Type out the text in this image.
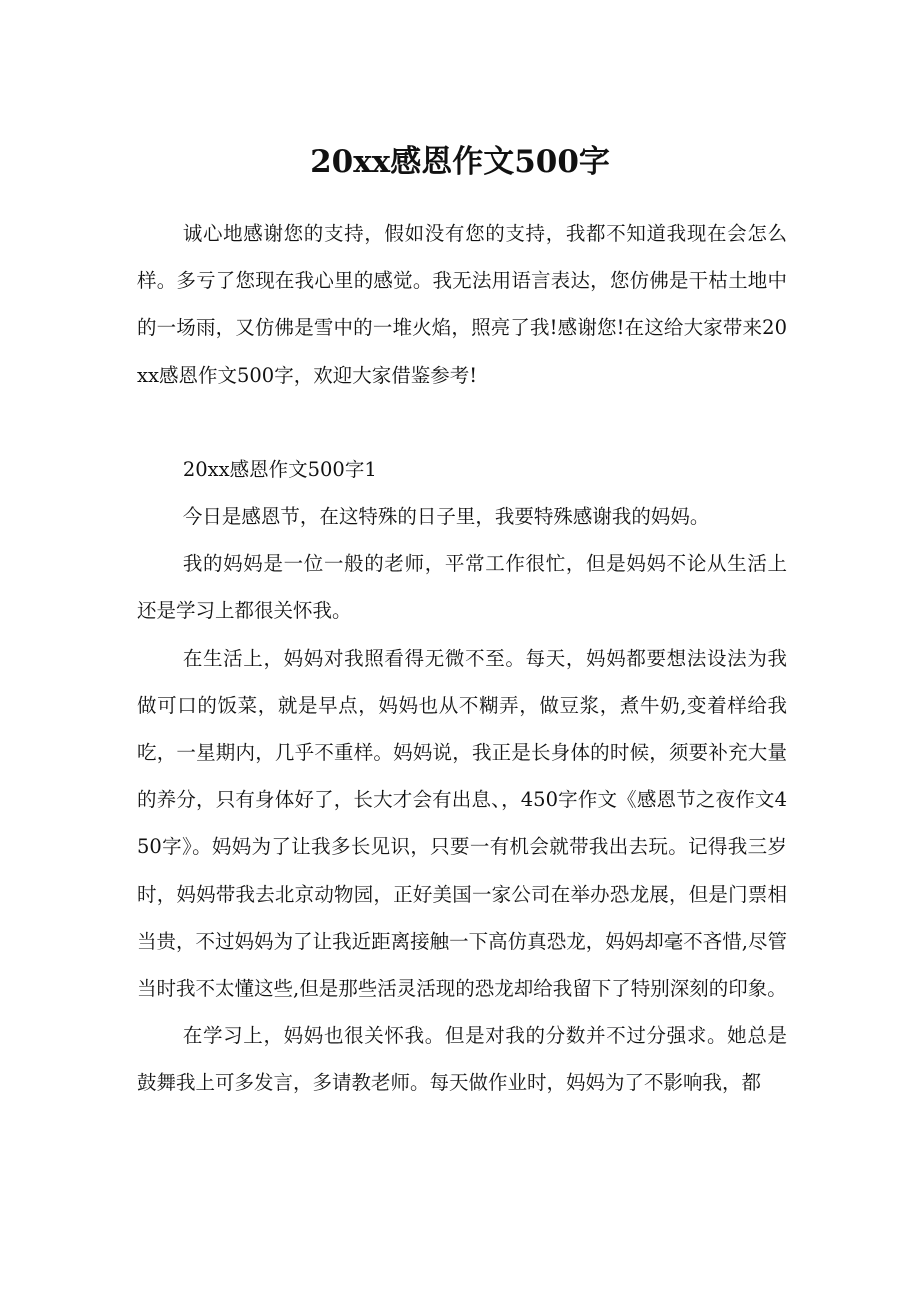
20xx感恩作文500字

诚心地感谢您的支持，假如没有您的支持，我都不知道我现在会怎么样。多亏了您现在我心里的感觉。我无法用语言表达，您仿佛是干枯土地中的一场雨，又仿佛是雪中的一堆火焰，照亮了我!感谢您!在这给大家带来20xx感恩作文500字，欢迎大家借鉴参考!

20xx感恩作文500字1

今日是感恩节，在这特殊的日子里，我要特殊感谢我的妈妈。

我的妈妈是一位一般的老师，平常工作很忙，但是妈妈不论从生活上还是学习上都很关怀我。

在生活上，妈妈对我照看得无微不至。每天，妈妈都要想法设法为我做可口的饭菜，就是早点，妈妈也从不糊弄，做豆浆，煮牛奶,变着样给我吃，一星期内，几乎不重样。妈妈说，我正是长身体的时候，须要补充大量的养分，只有身体好了，长大才会有出息、，450字作文《感恩节之夜作文450字》。妈妈为了让我多长见识，只要一有机会就带我出去玩。记得我三岁时，妈妈带我去北京动物园，正好美国一家公司在举办恐龙展，但是门票相当贵，不过妈妈为了让我近距离接触一下高仿真恐龙，妈妈却毫不吝惜,尽管当时我不太懂这些,但是那些活灵活现的恐龙却给我留下了特别深刻的印象。

在学习上，妈妈也很关怀我。但是对我的分数并不过分强求。她总是鼓舞我上可多发言，多请教老师。每天做作业时，妈妈为了不影响我，都
